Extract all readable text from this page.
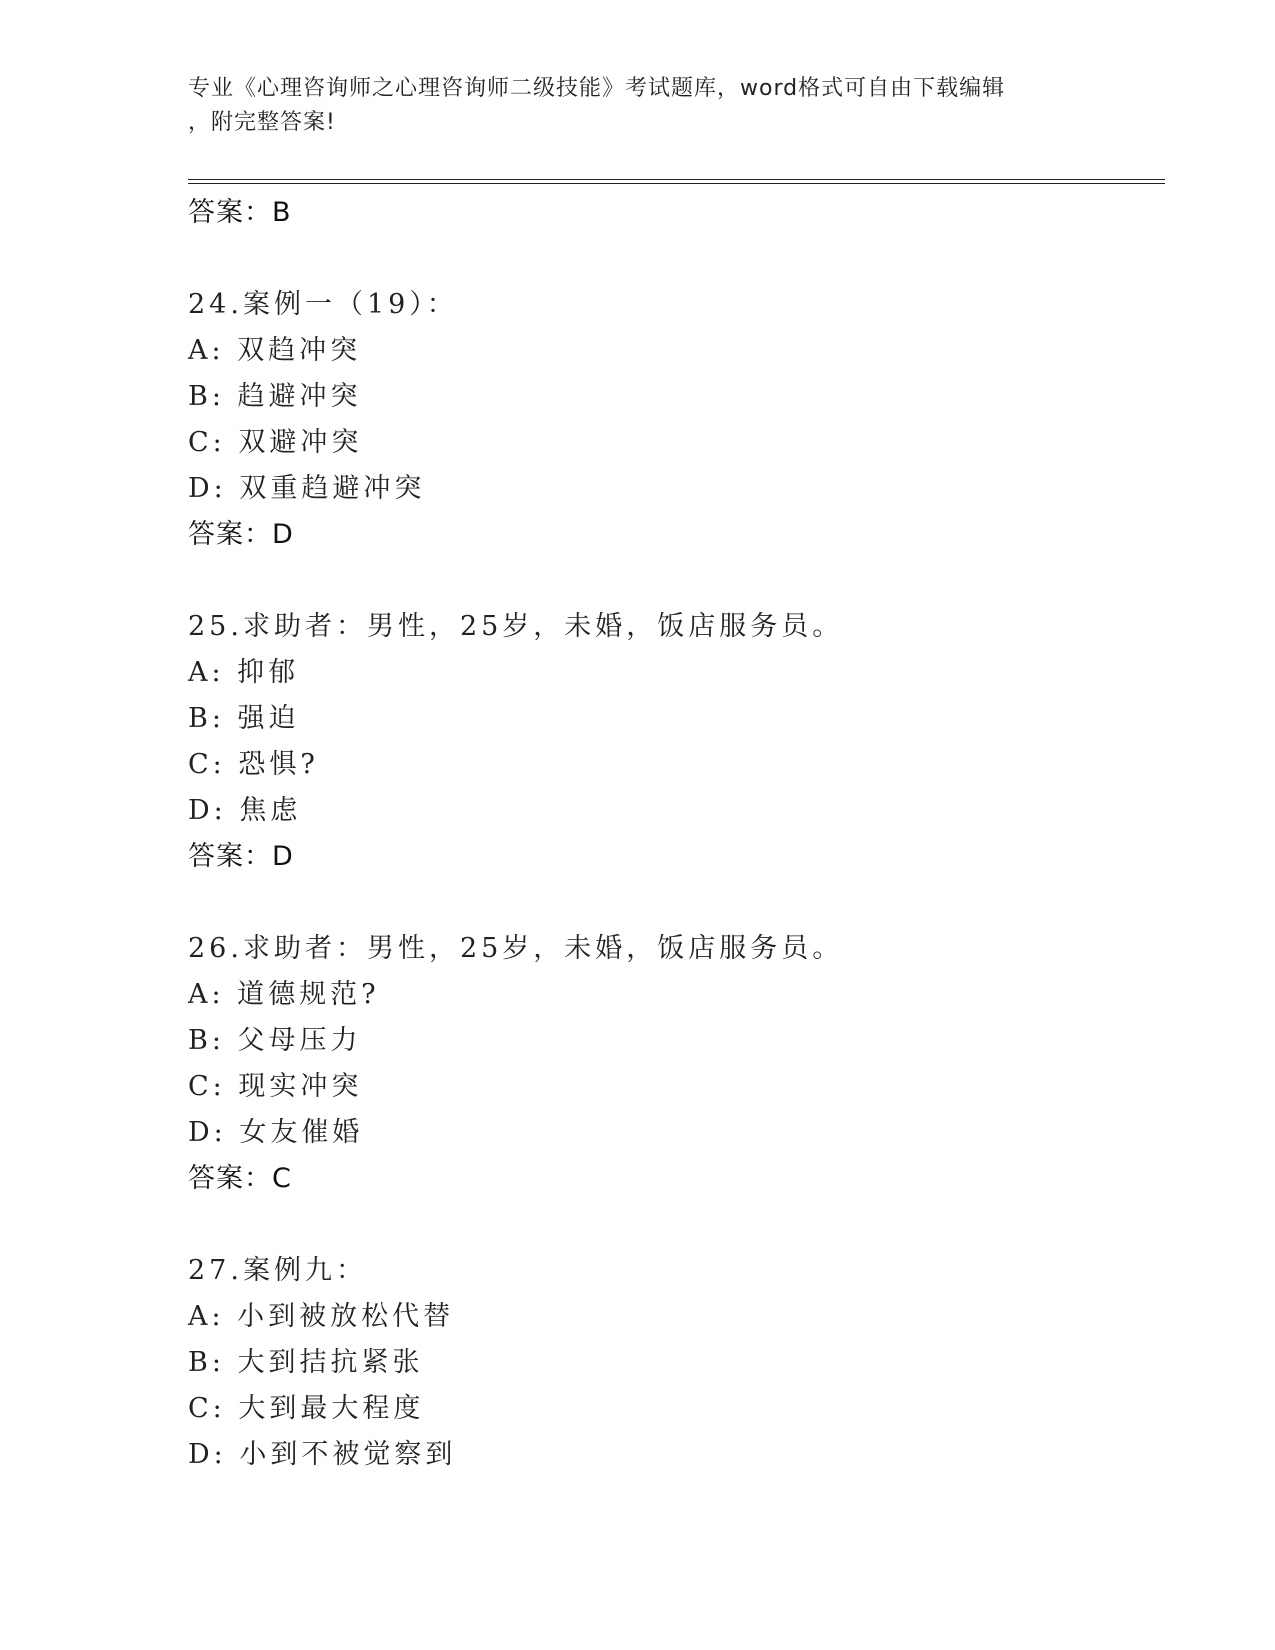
专业《心理咨询师之心理咨询师二级技能》考试题库，word格式可自由下载编辑
，附完整答案!
答案：B
24.案例一（19）：
A: 双趋冲突
B: 趋避冲突
C: 双避冲突
D: 双重趋避冲突
答案：D
25.求助者：男性，25岁，未婚，饭店服务员。
A: 抑郁
B: 强迫
C: 恐惧?
D: 焦虑
答案：D
26.求助者：男性，25岁，未婚，饭店服务员。
A: 道德规范?
B: 父母压力
C: 现实冲突
D: 女友催婚
答案：C
27.案例九：
A: 小到被放松代替
B: 大到拮抗紧张
C: 大到最大程度
D: 小到不被觉察到
